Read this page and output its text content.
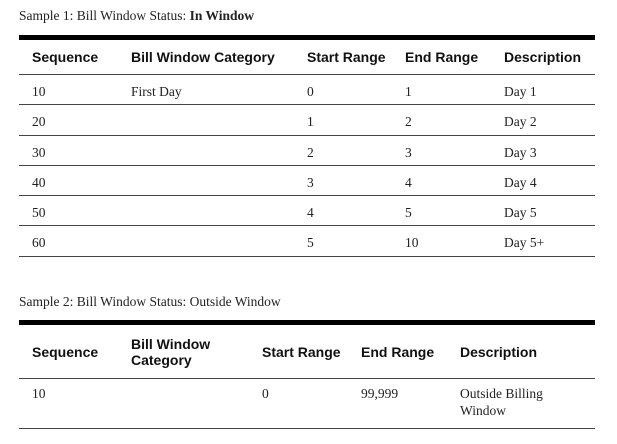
Sample 1: Bill Window Status: In Window
Sequence	Bill Window Category	Start Range	End Range	Description
10	First Day	0	1	Day 1
20		1	2	Day 2
30		2	3	Day 3
40		3	4	Day 4
50		4	5	Day 5
60		5	10	Day 5+
Sample 2: Bill Window Status: Outside Window
Sequence	Bill Window Category	Start Range	End Range	Description
10		0	99,999	Outside Billing Window
